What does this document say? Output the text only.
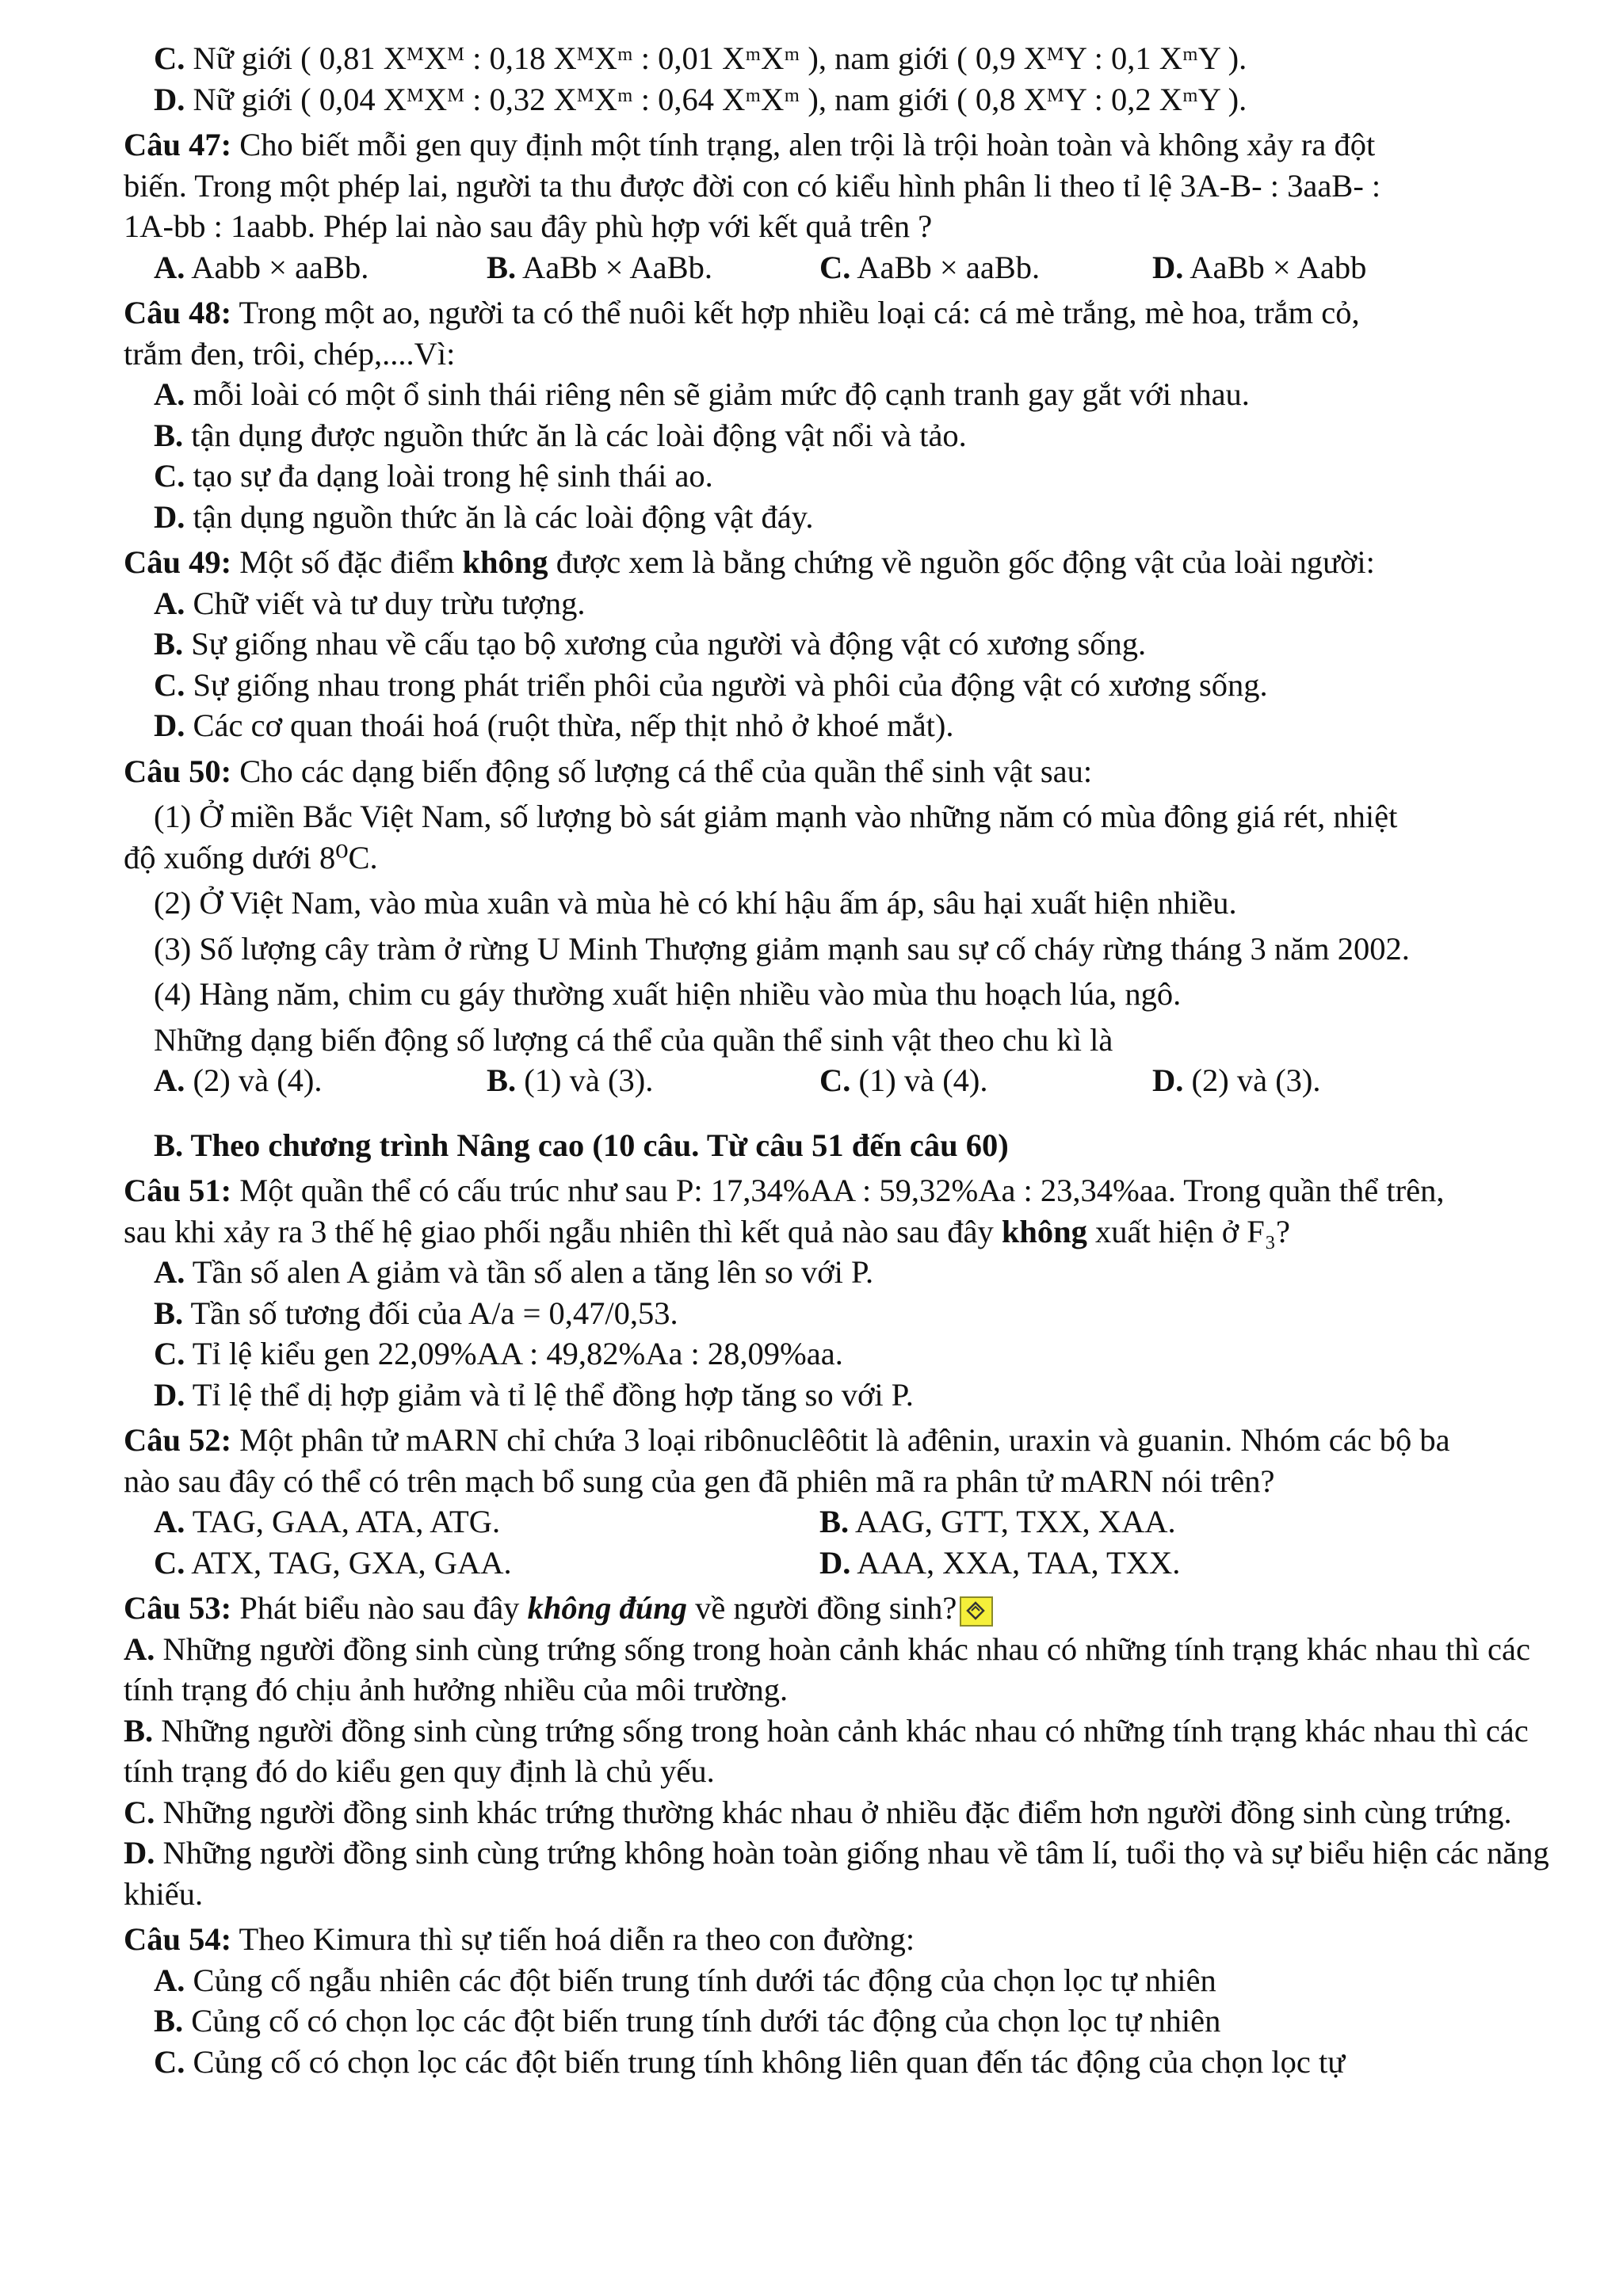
C. Nữ giới ( 0,81 XᴹXᴹ : 0,18 XᴹXᵐ : 0,01 XᵐXᵐ ), nam giới ( 0,9 XᴹY : 0,1 XᵐY ).
D. Nữ giới ( 0,04 XᴹXᴹ : 0,32 XᴹXᵐ : 0,64 XᵐXᵐ ), nam giới ( 0,8 XᴹY : 0,2 XᵐY ).
Câu 47: Cho biết mỗi gen quy định một tính trạng, alen trội là trội hoàn toàn và không xảy ra đột
biến. Trong một phép lai, người ta thu được đời con có kiểu hình phân li theo tỉ lệ 3A-B- : 3aaB- :
1A-bb : 1aabb. Phép lai nào sau đây phù hợp với kết quả trên ?
A. Aabb × aaBb.	B. AaBb × AaBb.	C. AaBb × aaBb.	D. AaBb × Aabb
Câu 48: Trong một ao, người ta có thể nuôi kết hợp nhiều loại cá: cá mè trắng, mè hoa, trắm cỏ,
trắm đen, trôi, chép,....Vì:
A. mỗi loài có một ổ sinh thái riêng nên sẽ giảm mức độ cạnh tranh gay gắt với nhau.
B. tận dụng được nguồn thức ăn là các loài động vật nổi và tảo.
C. tạo sự đa dạng loài trong hệ sinh thái ao.
D. tận dụng nguồn thức ăn là các loài động vật đáy.
Câu 49: Một số đặc điểm không được xem là bằng chứng về nguồn gốc động vật của loài người:
A. Chữ viết và tư duy trừu tượng.
B. Sự giống nhau về cấu tạo bộ xương của người và động vật có xương sống.
C. Sự giống nhau trong phát triển phôi của người và phôi của động vật có xương sống.
D. Các cơ quan thoái hoá (ruột thừa, nếp thịt nhỏ ở khoé mắt).
Câu 50: Cho các dạng biến động số lượng cá thể của quần thể sinh vật sau:
(1) Ở miền Bắc Việt Nam, số lượng bò sát giảm mạnh vào những năm có mùa đông giá rét, nhiệt
độ xuống dưới 8⁰C.
(2) Ở Việt Nam, vào mùa xuân và mùa hè có khí hậu ấm áp, sâu hại xuất hiện nhiều.
(3) Số lượng cây tràm ở rừng U Minh Thượng giảm mạnh sau sự cố cháy rừng tháng 3 năm 2002.
(4) Hàng năm, chim cu gáy thường xuất hiện nhiều vào mùa thu hoạch lúa, ngô.
Những dạng biến động số lượng cá thể của quần thể sinh vật theo chu kì là
A. (2) và (4).	B. (1) và (3).	C. (1) và (4).	D. (2) và (3).
B. Theo chương trình Nâng cao (10 câu. Từ câu 51 đến câu 60)
Câu 51: Một quần thể có cấu trúc như sau P: 17,34%AA : 59,32%Aa : 23,34%aa. Trong quần thể trên,
sau khi xảy ra 3 thế hệ giao phối ngẫu nhiên thì kết quả nào sau đây không xuất hiện ở F₃?
A. Tần số alen A giảm và tần số alen a tăng lên so với P.
B. Tần số tương đối của A/a = 0,47/0,53.
C. Tỉ lệ kiểu gen 22,09%AA : 49,82%Aa : 28,09%aa.
D. Tỉ lệ thể dị hợp giảm và tỉ lệ thể đồng hợp tăng so với P.
Câu 52: Một phân tử mARN chỉ chứa 3 loại ribônuclêôtit là ađênin, uraxin và guanin. Nhóm các bộ ba
nào sau đây có thể có trên mạch bổ sung của gen đã phiên mã ra phân tử mARN nói trên?
A. TAG, GAA, ATA, ATG.	B. AAG, GTT, TXX, XAA.
C. ATX, TAG, GXA, GAA.	D. AAA, XXA, TAA, TXX.
Câu 53: Phát biểu nào sau đây không đúng về người đồng sinh?
A. Những người đồng sinh cùng trứng sống trong hoàn cảnh khác nhau có những tính trạng khác nhau thì các tính trạng đó chịu ảnh hưởng nhiều của môi trường.
B. Những người đồng sinh cùng trứng sống trong hoàn cảnh khác nhau có những tính trạng khác nhau thì các tính trạng đó do kiểu gen quy định là chủ yếu.
C. Những người đồng sinh khác trứng thường khác nhau ở nhiều đặc điểm hơn người đồng sinh cùng trứng.
D. Những người đồng sinh cùng trứng không hoàn toàn giống nhau về tâm lí, tuổi thọ và sự biểu hiện các năng khiếu.
Câu 54: Theo Kimura thì sự tiến hoá diễn ra theo con đường:
A. Củng cố ngẫu nhiên các đột biến trung tính dưới tác động của chọn lọc tự nhiên
B. Củng cố có chọn lọc các đột biến trung tính dưới tác động của chọn lọc tự nhiên
C. Củng cố có chọn lọc các đột biến trung tính không liên quan đến tác động của chọn lọc tự
